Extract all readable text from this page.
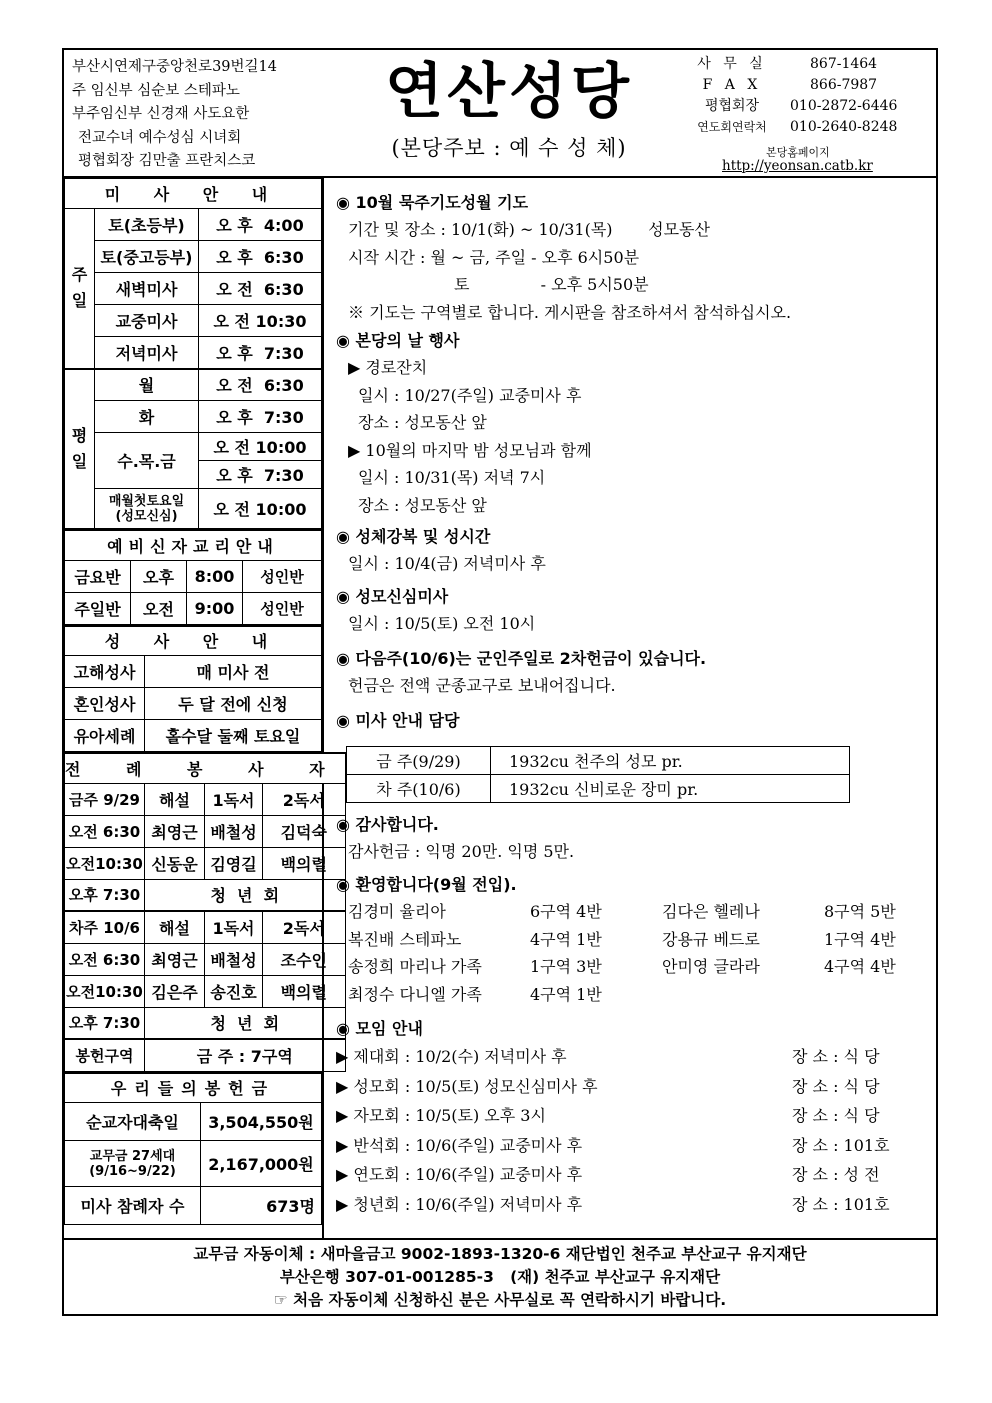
부산시연제구중앙천로39번길14
주 임신부 심순보 스테파노
부주임신부 신경재 사도요한
전교수녀 예수성심 시녀회
평협회장 김만출 프란치스코
연산성당
(본당주보 : 예 수 성 체)
사 무 실	867-1464
F A X	866-7987
평협회장	010-2872-6446
연도회연락처	010-2640-8248
본당홈페이지
http://yeonsan.catb.kr
미 사 안 내		
주일	토(초등부)	오 후  4:00
	토(중고등부)	오 후  6:30
	새벽미사	오 전  6:30
	교중미사	오 전 10:30
	저녁미사	오 후  7:30
평일	월	오 전  6:30
	화	오 후  7:30
	수.목.금	오 전 10:00
		오 후  7:30

	매월첫토요일
(성모신심)	오 전 10:00
예비신자교리안내			
금요반	오후	8:00	성인반
주일반	오전	9:00	성인반
성 사 안 내	
고해성사	매 미사 전
혼인성사	두 달 전에 신청
유아세례	홀수달 둘째 토요일
전 례 봉 사 자			
금주 9/29	해설	1독서	2독서
오전 6:30	최영근	배철성	김덕숙
오전10:30	신동운	김영길	백의렬
오후 7:30	청  년  회		
차주 10/6	해설	1독서	2독서
오전 6:30	최영근	배철성	조수인
오전10:30	김은주	송진호	백의렬
오후 7:30	청  년  회		
봉헌구역	금 주 : 7구역		
우리들의봉헌금	
순교자대축일	3,504,550원

교무금 27세대
(9/16~9/22)	2,167,000원
미사 참례자 수	673명
◉ 10월 묵주기도성월 기도
기간 및 장소 : 10/1(화) ~ 10/31(목)       성모동산
시작 시간 : 월 ~ 금, 주일 - 오후 6시50분
토              - 오후 5시50분
※ 기도는 구역별로 합니다. 게시판을 참조하셔서 참석하십시오.
◉ 본당의 날 행사
▶ 경로잔치
일시 : 10/27(주일) 교중미사 후
장소 : 성모동산 앞
▶ 10월의 마지막 밤 성모님과 함께
일시 : 10/31(목) 저녁 7시
장소 : 성모동산 앞
◉ 성체강복 및 성시간
일시 : 10/4(금) 저녁미사 후
◉ 성모신심미사
일시 : 10/5(토) 오전 10시
◉ 다음주(10/6)는 군인주일로 2차헌금이 있습니다.
헌금은 전액 군종교구로 보내어집니다.
◉ 미사 안내 담당
금 주(9/29)	1932cu 천주의 성모 pr.
차 주(10/6)	1932cu 신비로운 장미 pr.
◉ 감사합니다.
감사헌금 : 익명 20만. 익명 5만.
◉ 환영합니다(9월 전입).
김경미 율리아	6구역 4반	김다은 헬레나	8구역 5반
복진배 스테파노	4구역 1반	강용규 베드로	1구역 4반
송정희 마리나 가족	1구역 3반	안미영 글라라	4구역 4반
최정수 다니엘 가족	4구역 1반
◉ 모임 안내
▶ 제대회 : 10/2(수) 저녁미사 후	장 소 : 식 당
▶ 성모회 : 10/5(토) 성모신심미사 후	장 소 : 식 당
▶ 자모회 : 10/5(토) 오후 3시	장 소 : 식 당
▶ 반석회 : 10/6(주일) 교중미사 후	장 소 : 101호
▶ 연도회 : 10/6(주일) 교중미사 후	장 소 : 성 전
▶ 청년회 : 10/6(주일) 저녁미사 후	장 소 : 101호
교무금 자동이체 : 새마을금고 9002-1893-1320-6 재단법인 천주교 부산교구 유지재단
부산은행 307-01-001285-3   (재) 천주교 부산교구 유지재단
☞ 처음 자동이체 신청하신 분은 사무실로 꼭 연락하시기 바랍니다.
